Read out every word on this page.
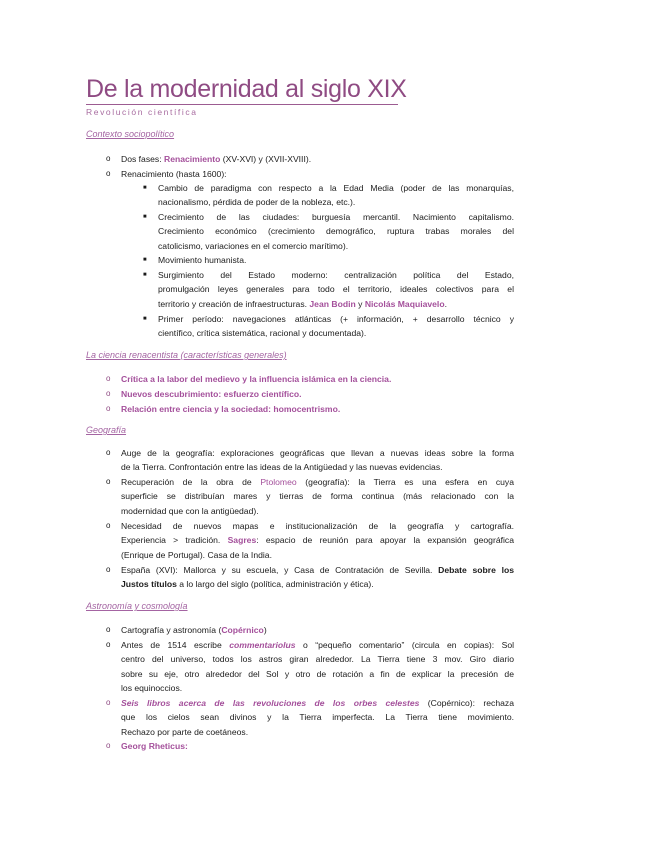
De la modernidad al siglo XIX
Revolución científica
Contexto sociopolítico
o Dos fases: Renacimiento (XV-XVI) y (XVII-XVIII).
o Renacimiento (hasta 1600):
■ Cambio de paradigma con respecto a la Edad Media (poder de las monarquías,
nacionalismo, pérdida de poder de la nobleza, etc.).
■ Crecimiento de las ciudades: burguesía mercantil. Nacimiento capitalismo.
Crecimiento económico (crecimiento demográfico, ruptura trabas morales del
catolicismo, variaciones en el comercio marítimo).
■ Movimiento humanista.
■ Surgimiento del Estado moderno: centralización política del Estado,
promulgación leyes generales para todo el territorio, ideales colectivos para el
territorio y creación de infraestructuras. Jean Bodin y Nicolás Maquiavelo.
■ Primer período: navegaciones atlánticas (+ información, + desarrollo técnico y
científico, crítica sistemática, racional y documentada).
La ciencia renacentista (características generales)
o Crítica a la labor del medievo y la influencia islámica en la ciencia.
o Nuevos descubrimiento: esfuerzo científico.
o Relación entre ciencia y la sociedad: homocentrismo.
Geografía
o Auge de la geografía: exploraciones geográficas que llevan a nuevas ideas sobre la forma
de la Tierra. Confrontación entre las ideas de la Antigüedad y las nuevas evidencias.
o Recuperación de la obra de Ptolomeo (geografía): la Tierra es una esfera en cuya
superficie se distribuían mares y tierras de forma continua (más relacionado con la
modernidad que con la antigüedad).
o Necesidad de nuevos mapas e institucionalización de la geografía y cartografía.
Experiencia > tradición. Sagres: espacio de reunión para apoyar la expansión geográfica
(Enrique de Portugal). Casa de la India.
o España (XVI): Mallorca y su escuela, y Casa de Contratación de Sevilla. Debate sobre los
Justos títulos a lo largo del siglo (política, administración y ética).
Astronomía y cosmología
o Cartografía y astronomía (Copérnico)
o Antes de 1514 escribe commentariolus o “pequeño comentario” (circula en copias): Sol
centro del universo, todos los astros giran alrededor. La Tierra tiene 3 mov. Giro diario
sobre su eje, otro alrededor del Sol y otro de rotación a fin de explicar la precesión de
los equinoccios.
o Seis libros acerca de las revoluciones de los orbes celestes (Copérnico): rechaza
que los cielos sean divinos y la Tierra imperfecta. La Tierra tiene movimiento.
Rechazo por parte de coetáneos.
o Georg Rheticus:
